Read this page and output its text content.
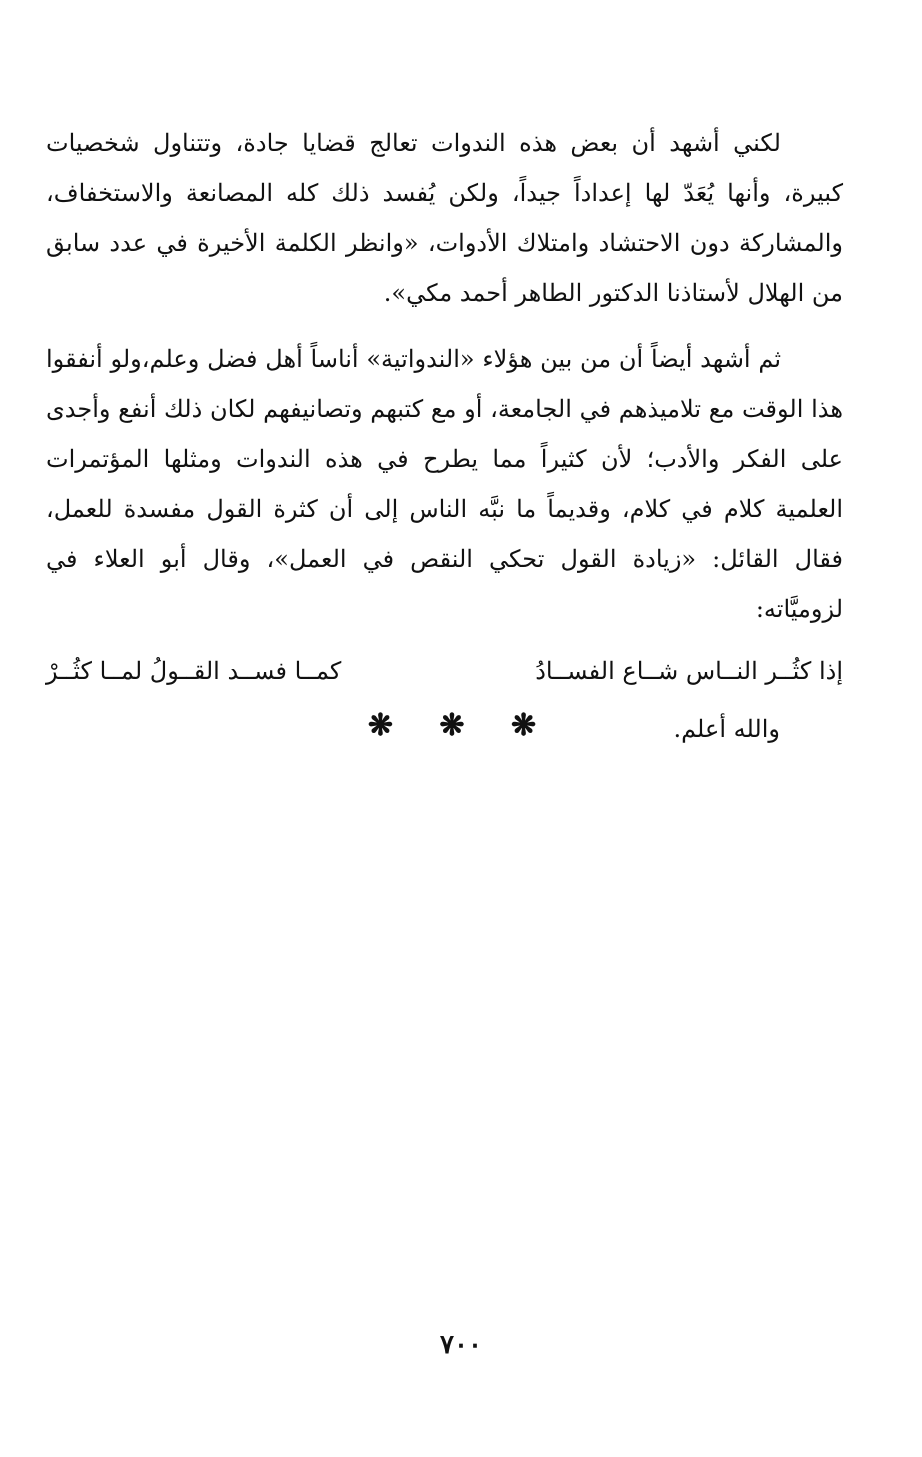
لكني أشهد أن بعض هذه الندوات تعالج قضايا جادة، وتتناول شخصيات كبيرة، وأنها يُعَدّ لها إعداداً جيداً، ولكن يُفسد ذلك كله المصانعة والاستخفاف، والمشاركة دون الاحتشاد وامتلاك الأدوات، «وانظر الكلمة الأخيرة في عدد سابق من الهلال لأستاذنا الدكتور الطاهر أحمد مكي».

ثم أشهد أيضاً أن من بين هؤلاء «الندواتية» أناساً أهل فضل وعلم،ولو أنفقوا هذا الوقت مع تلاميذهم في الجامعة، أو مع كتبهم وتصانيفهم لكان ذلك أنفع وأجدى على الفكر والأدب؛ لأن كثيراً مما يطرح في هذه الندوات ومثلها المؤتمرات العلمية كلام في كلام، وقديماً ما نبَّه الناس إلى أن كثرة القول مفسدة للعمل، فقال القائل: «زيادة القول تحكي النقص في العمل»، وقال أبو العلاء في لزوميَّاته:

إذا كثُــر النــاس شــاع الفســادُ
كمــا فســد القــولُ لمــا كثُــرْ

والله أعلم.

❋ ❋ ❋
٧٠٠
